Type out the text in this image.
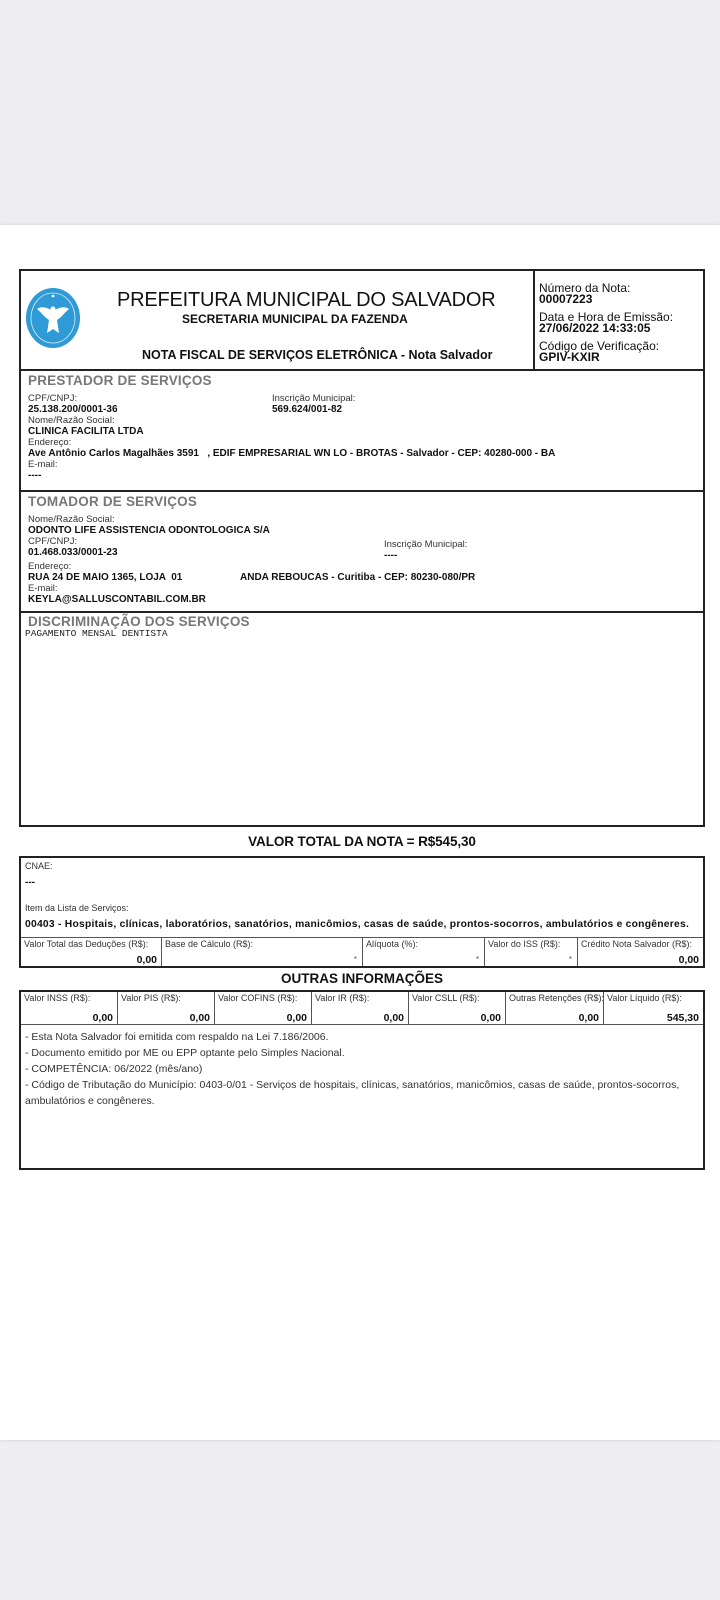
PREFEITURA MUNICIPAL DO SALVADOR
SECRETARIA MUNICIPAL DA FAZENDA
NOTA FISCAL DE SERVIÇOS ELETRÔNICA - Nota Salvador
Número da Nota:
00007223
Data e Hora de Emissão:
27/06/2022 14:33:05
Código de Verificação:
GPIV-KXIR
PRESTADOR DE SERVIÇOS
CPF/CNPJ:
25.138.200/0001-36
Inscrição Municipal:
569.624/001-82
Nome/Razão Social:
CLINICA FACILITA LTDA
Endereço:
Ave Antônio Carlos Magalhães 3591   , EDIF EMPRESARIAL WN LO - BROTAS - Salvador - CEP: 40280-000 - BA
E-mail:
----
TOMADOR DE SERVIÇOS
Nome/Razão Social:
ODONTO LIFE ASSISTENCIA ODONTOLOGICA S/A
CPF/CNPJ:
01.468.033/0001-23
Inscrição Municipal:
----
Endereço:
RUA 24 DE MAIO 1365, LOJA  01	ANDA REBOUCAS - Curitiba - CEP: 80230-080/PR
E-mail:
KEYLA@SALLUSCONTABIL.COM.BR
DISCRIMINAÇÃO DOS SERVIÇOS
PAGAMENTO MENSAL DENTISTA
VALOR TOTAL DA NOTA = R$545,30
CNAE:
---
Item da Lista de Serviços:
00403 - Hospitais, clínicas, laboratórios, sanatórios, manicômios, casas de saúde, prontos-socorros, ambulatórios e congêneres.
Valor Total das Deduções (R$):
0,00
Base de Cálculo (R$):
*
Alíquota (%):
*
Valor do ISS (R$):
*
Crédito Nota Salvador (R$):
0,00
OUTRAS INFORMAÇÕES
Valor INSS (R$):
0,00
Valor PIS (R$):
0,00
Valor COFINS (R$):
0,00
Valor IR (R$):
0,00
Valor CSLL (R$):
0,00
Outras Retenções (R$):
0,00
Valor Líquido (R$):
545,30

- Esta Nota Salvador foi emitida com respaldo na Lei 7.186/2006.

- Documento emitido por ME ou EPP optante pelo Simples Nacional.

- COMPETÊNCIA: 06/2022 (mês/ano)

- Código de Tributação do Município: 0403-0/01 - Serviços de hospitais, clínicas, sanatórios, manicômios, casas de saúde, prontos-socorros, ambulatórios e congêneres.
